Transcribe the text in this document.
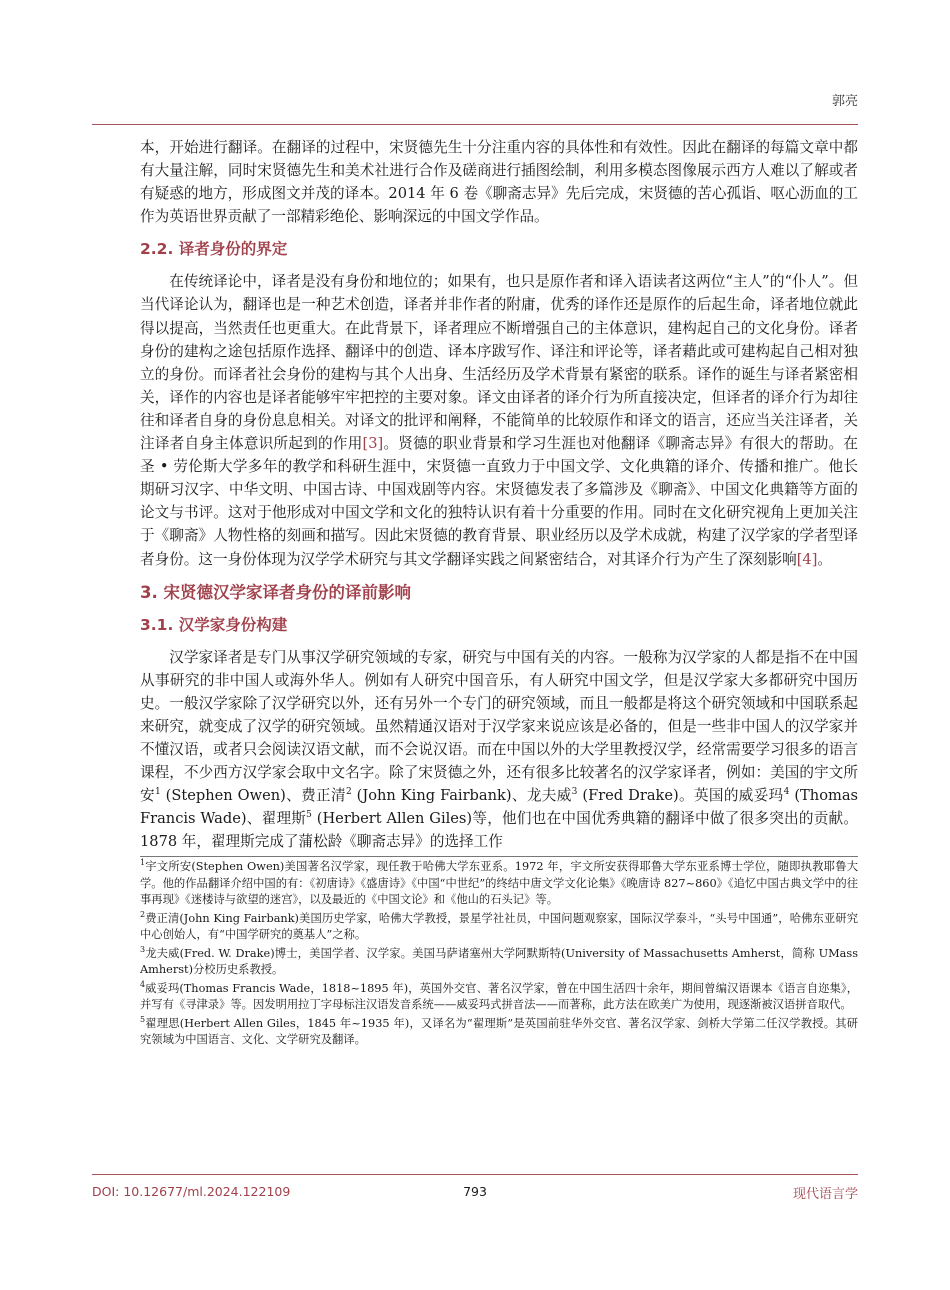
郭亮

本，开始进行翻译。在翻译的过程中，宋贤德先生十分注重内容的具体性和有效性。因此在翻译的每篇文章中都有大量注解，同时宋贤德先生和美术社进行合作及磋商进行插图绘制，利用多模态图像展示西方人难以了解或者有疑惑的地方，形成图文并茂的译本。2014 年 6 卷《聊斋志异》先后完成，宋贤德的苦心孤诣、呕心沥血的工作为英语世界贡献了一部精彩绝伦、影响深远的中国文学作品。

2.2. 译者身份的界定

在传统译论中，译者是没有身份和地位的；如果有，也只是原作者和译入语读者这两位“主人”的“仆人”。但当代译论认为，翻译也是一种艺术创造，译者并非作者的附庸，优秀的译作还是原作的后起生命，译者地位就此得以提高，当然责任也更重大。在此背景下，译者理应不断增强自己的主体意识，建构起自己的文化身份。译者身份的建构之途包括原作选择、翻译中的创造、译本序跋写作、译注和评论等，译者藉此或可建构起自己相对独立的身份。而译者社会身份的建构与其个人出身、生活经历及学术背景有紧密的联系。译作的诞生与译者紧密相关，译作的内容也是译者能够牢牢把控的主要对象。译文由译者的译介行为所直接决定，但译者的译介行为却往往和译者自身的身份息息相关。对译文的批评和阐释，不能简单的比较原作和译文的语言，还应当关注译者，关注译者自身主体意识所起到的作用[3]。贤德的职业背景和学习生涯也对他翻译《聊斋志异》有很大的帮助。在圣 • 劳伦斯大学多年的教学和科研生涯中，宋贤德一直致力于中国文学、文化典籍的译介、传播和推广。他长期研习汉字、中华文明、中国古诗、中国戏剧等内容。宋贤德发表了多篇涉及《聊斋》、中国文化典籍等方面的论文与书评。这对于他形成对中国文学和文化的独特认识有着十分重要的作用。同时在文化研究视角上更加关注于《聊斋》人物性格的刻画和描写。因此宋贤德的教育背景、职业经历以及学术成就，构建了汉学家的学者型译者身份。这一身份体现为汉学学术研究与其文学翻译实践之间紧密结合，对其译介行为产生了深刻影响[4]。

3. 宋贤德汉学家译者身份的译前影响
3.1. 汉学家身份构建

汉学家译者是专门从事汉学研究领域的专家，研究与中国有关的内容。一般称为汉学家的人都是指不在中国从事研究的非中国人或海外华人。例如有人研究中国音乐，有人研究中国文学，但是汉学家大多都研究中国历史。一般汉学家除了汉学研究以外，还有另外一个专门的研究领域，而且一般都是将这个研究领域和中国联系起来研究，就变成了汉学的研究领域。虽然精通汉语对于汉学家来说应该是必备的，但是一些非中国人的汉学家并不懂汉语，或者只会阅读汉语文献，而不会说汉语。而在中国以外的大学里教授汉学，经常需要学习很多的语言课程，不少西方汉学家会取中文名字。除了宋贤德之外，还有很多比较著名的汉学家译者，例如：美国的宇文所安$^1$ (Stephen Owen)、费正清$^2$ (John King Fairbank)、龙夫威$^3$ (Fred Drake)。英国的威妥玛$^4$ (Thomas Francis Wade)、翟理斯$^5$ (Herbert Allen Giles)等，他们也在中国优秀典籍的翻译中做了很多突出的贡献。1878 年，翟理斯完成了蒲松龄《聊斋志异》的选择工作

$^1$宇文所安(Stephen Owen)美国著名汉学家，现任教于哈佛大学东亚系。1972 年，宇文所安获得耶鲁大学东亚系博士学位，随即执教耶鲁大学。他的作品翻译介绍中国的有：《初唐诗》《盛唐诗》《中国“中世纪”的终结中唐文学文化论集》《晚唐诗 827~860》《追忆中国古典文学中的往事再现》《迷楼诗与欲望的迷宫》，以及最近的《中国文论》和《他山的石头记》等。
$^2$费正清(John King Fairbank)美国历史学家，哈佛大学教授，景星学社社员，中国问题观察家，国际汉学泰斗，“头号中国通”，哈佛东亚研究中心创始人，有“中国学研究的奠基人”之称。
$^3$龙夫威(Fred. W. Drake)博士，美国学者、汉学家。美国马萨诸塞州大学阿默斯特(University of Massachusetts Amherst，简称 UMass Amherst)分校历史系教授。
$^4$威妥玛(Thomas Francis Wade，1818~1895 年)，英国外交官、著名汉学家，曾在中国生活四十余年，期间曾编汉语课本《语言自迩集》，并写有《寻津录》等。因发明用拉丁字母标注汉语发音系统——威妥玛式拼音法——而著称，此方法在欧美广为使用，现逐渐被汉语拼音取代。
$^5$翟理思(Herbert Allen Giles，1845 年~1935 年)，又译名为“翟理斯”是英国前驻华外交官、著名汉学家、剑桥大学第二任汉学教授。其研究领域为中国语言、文化、文学研究及翻译。
DOI: 10.12677/ml.2024.122109	793	现代语言学
